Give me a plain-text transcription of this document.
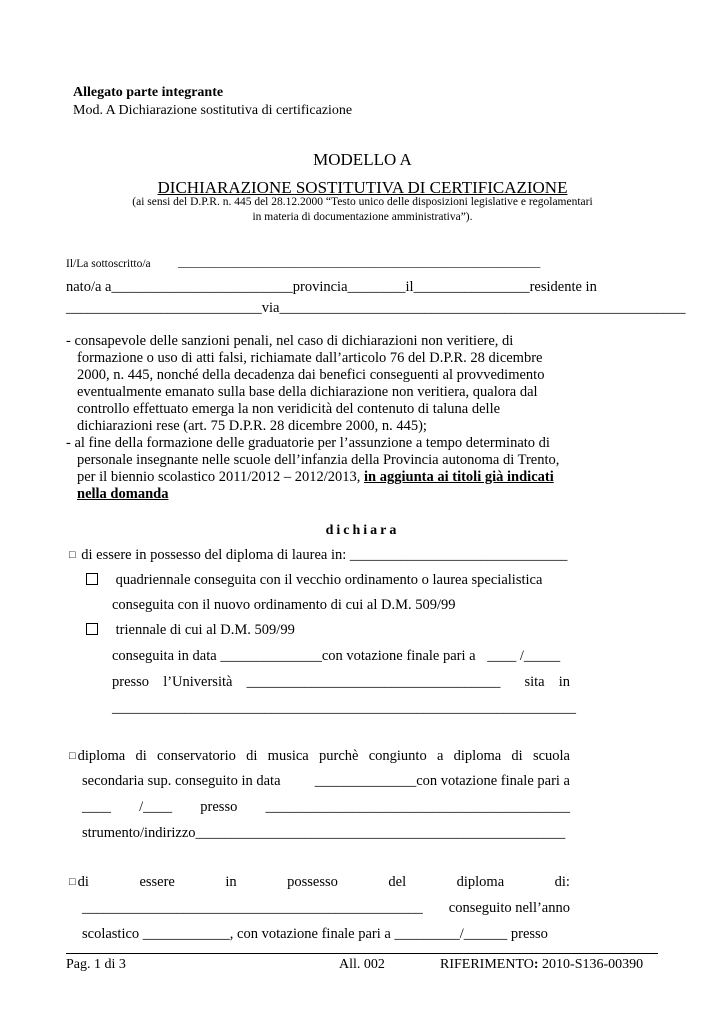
Allegato parte integrante
Mod. A Dichiarazione sostitutiva di certificazione
MODELLO A
DICHIARAZIONE SOSTITUTIVA DI CERTIFICAZIONE
(ai sensi del D.P.R. n. 445 del 28.12.2000 “Testo unico delle disposizioni legislative e regolamentari
in materia di documentazione amministrativa”).
Il/La sottoscritto/a _______________________________________________________________
nato/a a _________________________ provincia ________ il ________________ residente in
___________________________ via ________________________________________________________
- consapevole delle sanzioni penali, nel caso di dichiarazioni non veritiere, di
formazione o uso di atti falsi, richiamate dall’articolo 76 del D.P.R. 28 dicembre
2000, n. 445, nonché della decadenza dai benefici conseguenti al provvedimento
eventualmente emanato sulla base della dichiarazione non veritiera, qualora dal
controllo effettuato emerga la non veridicità del contenuto di taluna delle
dichiarazioni rese (art. 75 D.P.R. 28 dicembre 2000, n. 445);
- al fine della formazione delle graduatorie per l’assunzione a tempo determinato di
personale insegnante nelle scuole dell’infanzia della Provincia autonoma di Trento,
per il biennio scolastico 2011/2012 – 2012/2013, in aggiunta ai titoli già indicati
nella domanda
dichiara
□ di essere in possesso del diploma di laurea in: ______________________________
quadriennale conseguita con il vecchio ordinamento o laurea specialistica
conseguita con il nuovo ordinamento di cui al D.M. 509/99
triennale di cui al D.M. 509/99
conseguita in data ______________con votazione finale pari a ____ /_____
presso l’Università ___________________________________ sita in
________________________________________________________________
□ diploma di conservatorio di musica purchè congiunto a diploma di scuola
secondaria sup. conseguito in data ______________con votazione finale pari a
____ /____ presso __________________________________________
strumento/indirizzo___________________________________________________
□ di	essere	in	possesso	del	diploma	di:
_______________________________________________ conseguito nell’anno
scolastico ____________, con votazione finale pari a _________/______ presso
Pag. 1 di 3	All. 002	RIFERIMENTO: 2010-S136-00390
